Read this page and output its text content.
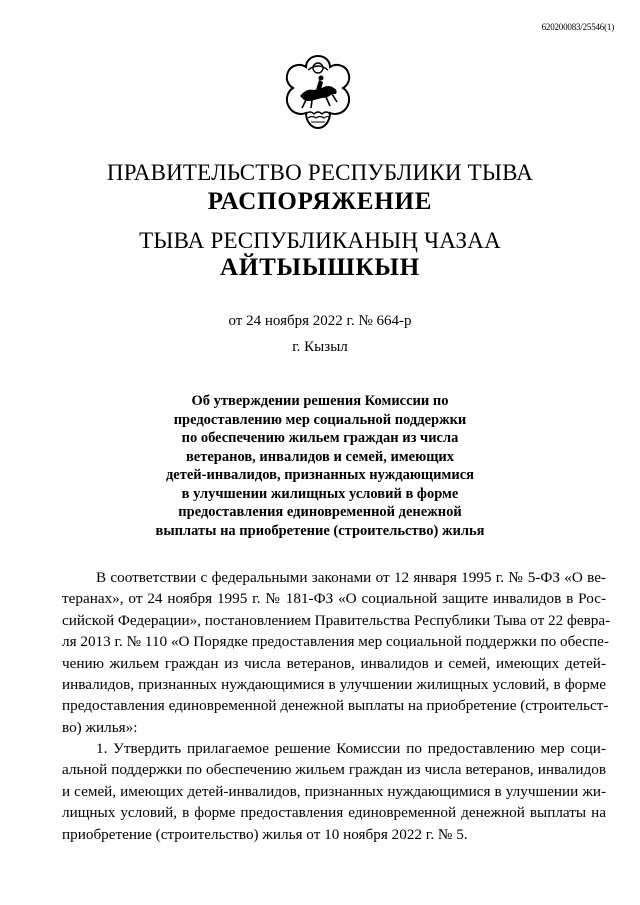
620200083/25546(1)
ПРАВИТЕЛЬСТВО РЕСПУБЛИКИ ТЫВА
РАСПОРЯЖЕНИЕ
ТЫВА РЕСПУБЛИКАНЫҢ ЧАЗАА
АЙТЫЫШКЫН
от 24 ноября 2022 г. № 664-р
г. Кызыл
Об утверждении решения Комиссии по
предоставлению мер социальной поддержки
по обеспечению жильем граждан из числа
ветеранов, инвалидов и семей, имеющих
детей-инвалидов, признанных нуждающимися
в улучшении жилищных условий в форме
предоставления единовременной денежной
выплаты на приобретение (строительство) жилья
В соответствии с федеральными законами от 12 января 1995 г. № 5-ФЗ «О ве-
теранах», от 24 ноября 1995 г. № 181-ФЗ «О социальной защите инвалидов в Рос-
сийской Федерации», постановлением Правительства Республики Тыва от 22 февра-
ля 2013 г. № 110 «О Порядке предоставления мер социальной поддержки по обеспе-
чению жильем граждан из числа ветеранов, инвалидов и семей, имеющих детей-
инвалидов, признанных нуждающимися в улучшении жилищных условий, в форме
предоставления единовременной денежной выплаты на приобретение (строительст-
во) жилья»:
1. Утвердить прилагаемое решение Комиссии по предоставлению мер соци-
альной поддержки по обеспечению жильем граждан из числа ветеранов, инвалидов
и семей, имеющих детей-инвалидов, признанных нуждающимися в улучшении жи-
лищных условий, в форме предоставления единовременной денежной выплаты на
приобретение (строительство) жилья от 10 ноября 2022 г. № 5.
